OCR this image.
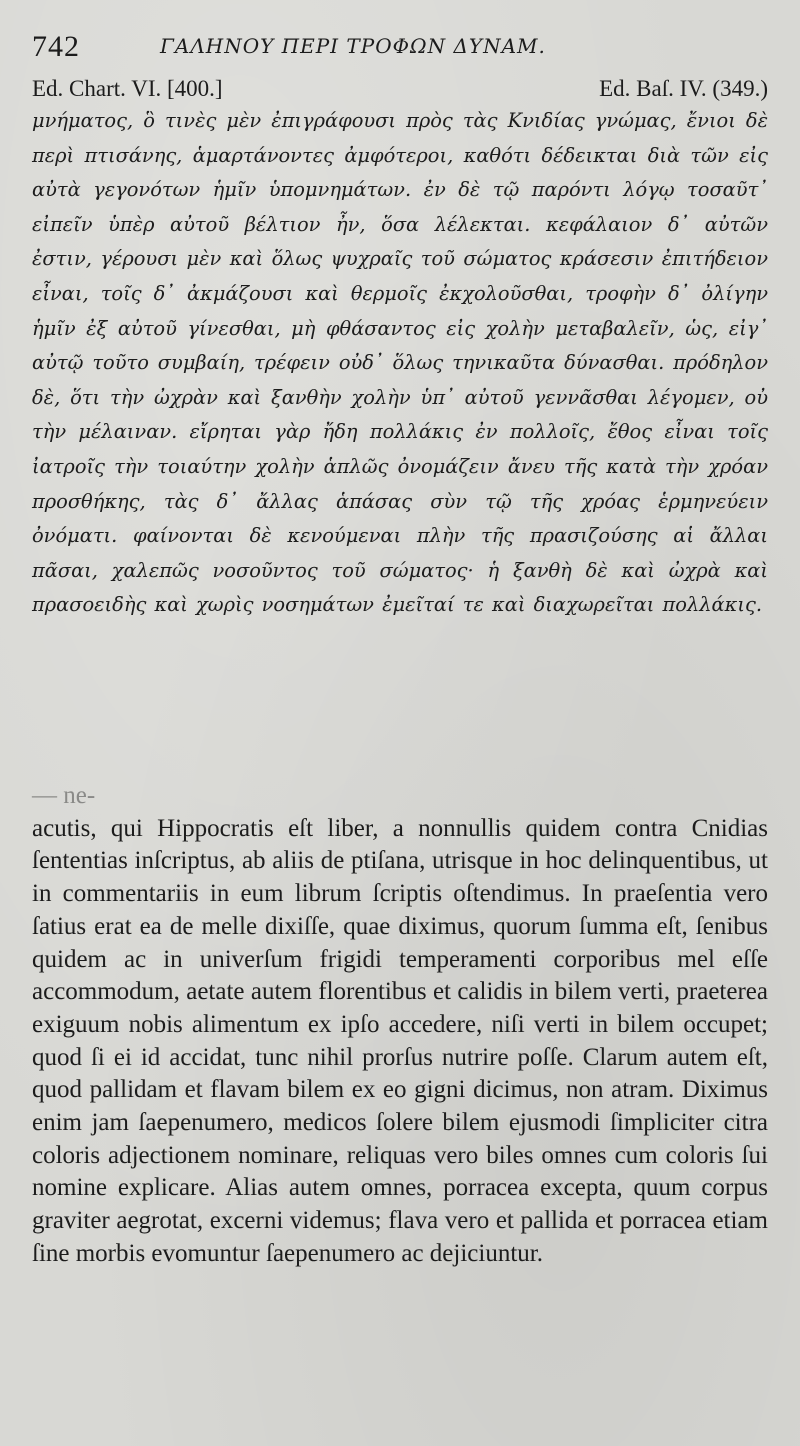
742	ΓΑΛΗΝΟΥ ΠΕΡΙ ΤΡΟΦΩΝ ΔΥΝΑΜ.
Ed. Chart. VI. [400.]	Ed. Baſ. IV. (349.)
μνήματος, ὃ τινὲς μὲν ἐπιγράφουσι πρὸς τὰς Κνιδίας γνώμας, ἔνιοι δὲ περὶ πτισάνης, ἁμαρτάνοντες ἀμφότεροι, καθότι δέδεικται διὰ τῶν εἰς αὐτὰ γεγονότων ἡμῖν ὑπομνημάτων. ἐν δὲ τῷ παρόντι λόγῳ τοσαῦτ᾽ εἰπεῖν ὑπὲρ αὐτοῦ βέλτιον ἦν, ὅσα λέλεκται. κεφάλαιον δ᾽ αὐτῶν ἐστιν, γέρουσι μὲν καὶ ὅλως ψυχραῖς τοῦ σώματος κράσεσιν ἐπιτήδειον εἶναι, τοῖς δ᾽ ἀκμάζουσι καὶ θερμοῖς ἐκχολοῦσθαι, τροφὴν δ᾽ ὀλίγην ἡμῖν ἐξ αὐτοῦ γίνεσθαι, μὴ φθάσαντος εἰς χολὴν μεταβαλεῖν, ὡς, εἰγ᾽ αὐτῷ τοῦτο συμβαίη, τρέφειν οὐδ᾽ ὅλως τηνικαῦτα δύνασθαι. πρόδηλον δὲ, ὅτι τὴν ὠχρὰν καὶ ξανθὴν χολὴν ὑπ᾽ αὐτοῦ γεννᾶσθαι λέγομεν, οὐ τὴν μέλαιναν. εἴρηται γὰρ ἤδη πολλάκις ἐν πολλοῖς, ἔθος εἶναι τοῖς ἰατροῖς τὴν τοιαύτην χολὴν ἁπλῶς ὀνομάζειν ἄνευ τῆς κατὰ τὴν χρόαν προσθήκης, τὰς δ᾽ ἄλλας ἁπάσας σὺν τῷ τῆς χρόας ἑρμηνεύειν ὀνόματι. φαίνονται δὲ κενούμεναι πλὴν τῆς πρασιζούσης αἱ ἄλλαι πᾶσαι, χαλεπῶς νοσοῦντος τοῦ σώματος· ἡ ξανθὴ δὲ καὶ ὠχρὰ καὶ πρασοειδὴς καὶ χωρὶς νοσημάτων ἐμεῖταί τε καὶ διαχωρεῖται πολλάκις.
— ne-
acutis, qui Hippocratis eſt liber, a nonnullis quidem contra Cnidias ſententias inſcriptus, ab aliis de ptiſana, utrisque in hoc delinquentibus, ut in commentariis in eum librum ſcriptis oſtendimus. In praeſentia vero ſatius erat ea de melle dixiſſe, quae diximus, quorum ſumma eſt, ſenibus quidem ac in univerſum frigidi temperamenti corporibus mel eſſe accommodum, aetate autem florentibus et calidis in bilem verti, praeterea exiguum nobis alimentum ex ipſo accedere, niſi verti in bilem occupet; quod ſi ei id accidat, tunc nihil prorſus nutrire poſſe. Clarum autem eſt, quod pallidam et flavam bilem ex eo gigni dicimus, non atram. Diximus enim jam ſaepenumero, medicos ſolere bilem ejusmodi ſimpliciter citra coloris adjectionem nominare, reliquas vero biles omnes cum coloris ſui nomine explicare. Alias autem omnes, porracea excepta, quum corpus graviter aegrotat, excerni videmus; flava vero et pallida et porracea etiam ſine morbis evomuntur ſaepenumero ac dejiciuntur.
